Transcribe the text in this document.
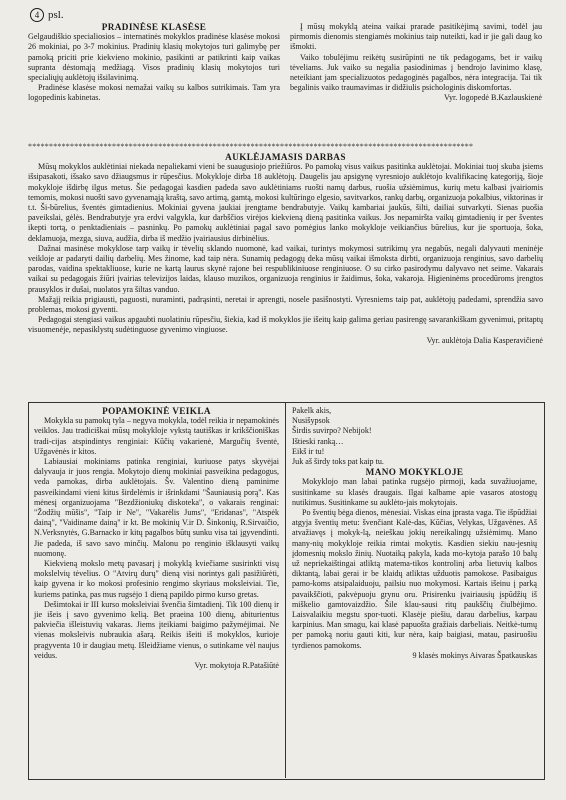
4 psl.

PRADINĖSE KLASĖSE

Gelgaudiškio specialiosios – internatinės mokyklos pradinėse klasėse mokosi 26 mokiniai, po 3-7 mokinius. Pradinių klasių mokytojos turi galimybę per pamoką priciti prie kiekvieno mokinio, pasikinti ar patikrinti kaip vaikas supranta dėstomąją medžiagą. Visos pradinių klasių mokytojos turi specialiųjų auklėtojų išsilavinimą.

Pradinėse klasėse mokosi nemažai vaikų su kalbos sutrikimais. Tam yra logopedinis kabinetas.

Į mūsų mokyklą ateina vaikai prarade pasitikėjimą savimi, todėl jau pirmomis dienomis stengiamės mokinius taip nuteikti, kad ir jie gali daug ko išmokti.

Vaiko tobulėjimu reikėtų susirūpinti ne tik pedagogams, bet ir vaikų tėveliams. Juk vaiko su negalia pasiodinimas į bendrojo lavinimo klasę, neteikiant jam specializuotos pedagoginės pagalbos, nėra integracija. Tai tik begalinis vaiko traumavimas ir didžiulis psichologinis diskomfortas.

Vyr. logopedė B.Kazlauskienė

**********************************************************************************************************

AUKLĖJAMASIS DARBAS

Mūsų mokyklos auklėtiniai niekada nepaliekami vieni be suaugusiojo priežiūros. Po pamokų visus vaikus pasitinka auklėtojai. Mokiniai tuoj skuba įsiems išsipasakoti, išsako savo džiaugsmus ir rūpesčius. Mokykloje dirba 18 auklėtojų. Daugelis jau apsigynę vyresniojo auklėtojo kvalifikacinę kategoriją, šioje mokykloje išdirbę ilgus metus. Šie pedagogai kasdien padeda savo auklėtiniams ruošti namų darbus, ruošia užsiėmimus, kurių metu kalbasi įvairiomis temomis, mokosi nuošti savo gyvenamąją kraštą, savo artimą, gamtą, mokosi kultūringo elgesio, savitvarkos, rankų darbų, organizuoja pokalbius, viktorinas ir t.t. Ši-būrelius, šventės gimtadienius. Mokiniai gyvena jaukiai įrengtame bendrabutyje. Vaikų kambariai jaukūs, šilti, dailiai sutvarkyti. Sienas puošia paveikslai, gėlės. Bendrabutyje yra erdvi valgykla, kur darbščios virėjos kiekvieną dieną pasitinka vaikus. Jos nepamiršta vaikų gimtadienių ir per šventes ikepti tortą, o penktadieniais – pasninkų. Po pamokų auklėtiniai pagal savo pomėgius lanko mokykloje veikiančius būrelius, kur jie sportuoja, šoka, deklamuoja, mezga, siuva, audžia, dirba iš medžio įvairiausius dirbinėlius.

Dažnai masinėse mokyklose tarp vaikų ir tėvelių sklando nuomonė, kad vaikai, turintys mokymosi sutrikimų yra negabūs, negali dalyvauti meninėje veikloje ar padaryti dailių darbelių. Mes žinome, kad taip nėra. Sunamių pedagogų deka mūsų vaikai išmoksta dirbti, organizuoja renginius, savo darbelių parodas, vaidina spektakliuose, kurie ne kartą laurus skynė rajone bei respublikiniuose renginiuose. O su cirko pasirodymu dalyvavo net seime. Vakarais vaikai su pedagogais žiūri įvairias televizijos laidas, klauso muzikos, organizuoja renginius ir žaidimus, šoka, vakaroja. Higieninėms procedūroms įrengtos prausyklos ir dušai, nuolatos yra šiltas vanduo.

Mažąjį reikia prigiausti, paguosti, nuraminti, padrąsinti, neretai ir aprengti, nosele pasišnostyti. Vyresniems taip pat, auklėtojų padedami, sprendžia savo problemas, mokosi gyventi.

Pedagogai stengiasi vaikus apgaubti nuolatiniu rūpesčiu, šiekia, kad iš mokyklos jie išeitų kaip galima geriau pasirengę savarankiškam gyvenimui, pritaptų visuomenėje, nepasiklystų sudėtinguose gyvenimo vingiuose.

Vyr. auklėtoja Dalia Kasperavičienė

POPAMOKINĖ VEIKLA

Mokykla su pamokų tyla – negyva mokykla, todėl reikia ir nepamokinės veiklos. Jau tradiciškai mūsų mokykloje vykstą tautiškas ir krikščioniškas tradi-cijas atspindintys renginiai: Kūčių vakarienė, Margučių šventė, Užgavėnės ir kitos.

Labiausiai mokiniams patinka renginiai, kuriuose patys skyvėjai dalyvauja ir juos rengia. Mokytojo dienų mokiniai pasveikina pedagogus, veda pamokas, dirba auklėtojais. Šv. Valentino dieną paminime pasveikindami vieni kitus širdelėmis ir išrinkdami "Šauniausią porą". Kas mėnesį organizuojama "Bezdžioniukų diskoteka", o vakarais renginai: "Žodžių mūšis", "Taip ir Ne", "Vakarėlis Jums", "Eridanas", "Atspėk dainą", "Vaidiname dainą" ir kt. Be mokinių V.ir D. Šinkonių, R.Sirvaičio, N.Verksnytės, G.Barnacko ir kitų pagalbos būtų sunku visa tai įgyvendinti. Jie padeda, iš savo savo minčių. Malonu po renginio išklausyti vaikų nuomonę.

Kiekvieną mokslo metų pavasarį į mokyklą kviečiame susirinkti visų mokslelvių tėvelius. O "Atvirų durų" dieną visi norintys gali pasižiūrėti, kaip gyvena ir ko mokosi profesinio rengimo skyriaus moksleiviai. Tie, kuriems patinka, pas mus rugsėjo 1 dieną papildo pirmo kurso gretas.

Dešimtokai ir III kurso moksleiviai švenčia šimtadienį. Tik 100 dienų ir jie išeis į savo gyvenimo kelią. Bet praeina 100 dienų, abiturientus pakviečia išleistuvių vakaras. Jiems įteikiami baigimo pažymėjimai. Ne vienas moksleivis nubraukia ašarą. Reikis išeiti iš mokyklos, kurioje pragyventa 10 ir daugiau metų. Išleidžiame vienus, o sutinkame vėl naujus veidus.

Vyr. mokytoja R.Patašiūtė

Pakelk akis,

Nusišypsok

Širdis suvirpo? Nebijok!

Ištieski ranką…

Eikš ir tu!

Juk aš širdy toks pat kaip tu.

MANO MOKYKLOJE

Mokyklojo man labai patinka rugsėjo pirmoji, kada suvažiuojame, susitinkame su klasės draugais. Ilgai kalbame apie vasaros atostogų nutikimus. Susitinkame su auklėto-jais mokytojais.

Po šventių bėga dienos, mėnesiai. Viskas eina įprasta vaga. Tie išpūdžiai atgyja šventių metu: švenčiant Kalė-das, Kūčias, Velykas, Užgavėnes. Aš atvažiavęs į mokyk-lą, neieškau jokių nereikalingų užsiėmimų. Mano many-nių mokykloje reikia rimtai mokytis. Kasdien siekiu nau-jesnių įdomesnių mokslo žinių. Nuotaiką pakyla, kada mo-kytoja parašo 10 balų už nepriekaištingai atliktą matema-tikos kontrolinį arba lietuvių kalbos diktantą, labai gerai ir be klaidų atliktas užduotis pamokose. Pasibaigus pamo-koms atsipalaiduoju, pailsiu nuo mokymosi. Kartais išeinu į parką pavaikščioti, pakvėpuoju grynu oru. Prisirenku įvairiausių įspūdžių iš miškelio gamtovaizdžio. Šile klau-sausi ritų paukščių čiulbėjimo. Laisvalaikiu megstu spor-tuoti. Klasėje piešiu, darau darbelius, karpau karpinius. Man smagu, kai klasė papuošta gražiais darbeliais. Neitkė-tumų per pamoką noriu gauti kiti, kur nėra, kaip baigiasi, matau, pasiruošiu tyrdienos pamokoms.

9 klasės mokinys Aivaras Špatkauskas
